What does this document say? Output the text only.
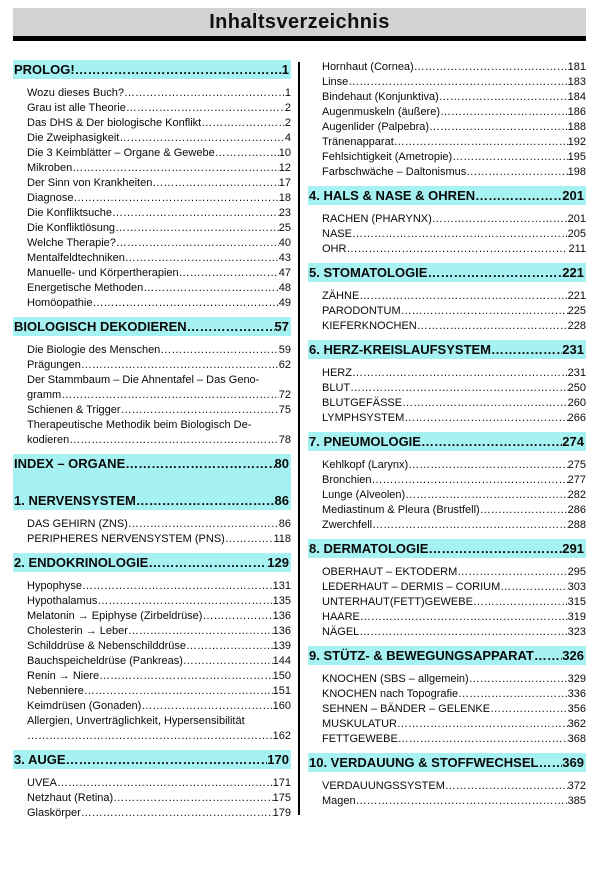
Inhaltsverzeichnis
PROLOG! ………………………………………………………………………………………………………………………………………………	1
Wozu dieses Buch? ………………………………………………………………………………………………………………………………………………	1
Grau ist alle Theorie ………………………………………………………………………………………………………………………………………………	2
Das DHS & Der biologische Konflikt ………………………………………………………………………………………………………………………………………………	2
Die Zweiphasigkeit ………………………………………………………………………………………………………………………………………………	4
Die 3 Keimblätter – Organe & Gewebe ………………………………………………………………………………………………………………………………………………	10
Mikroben ………………………………………………………………………………………………………………………………………………	12
Der Sinn von Krankheiten ………………………………………………………………………………………………………………………………………………	17
Diagnose ………………………………………………………………………………………………………………………………………………	18
Die Konfliktsuche ………………………………………………………………………………………………………………………………………………	23
Die Konfliktlösung ………………………………………………………………………………………………………………………………………………	25
Welche Therapie? ………………………………………………………………………………………………………………………………………………	40
Mentalfeldtechniken ………………………………………………………………………………………………………………………………………………	43
Manuelle- und Körpertherapien ………………………………………………………………………………………………………………………………………………	47
Energetische Methoden ………………………………………………………………………………………………………………………………………………	48
Homöopathie ………………………………………………………………………………………………………………………………………………	49
BIOLOGISCH DEKODIEREN ………………………………………………………………………………………………………………………………………………	57
Die Biologie des Menschen ………………………………………………………………………………………………………………………………………………	59
Prägungen ………………………………………………………………………………………………………………………………………………	62
Der Stammbaum – Die Ahnentafel – Das Geno-
gramm ………………………………………………………………………………………………………………………………………………	72
Schienen & Trigger ………………………………………………………………………………………………………………………………………………	75
Therapeutische Methodik beim Biologisch De-
kodieren ………………………………………………………………………………………………………………………………………………	78
INDEX – ORGANE ………………………………………………………………………………………………………………………………………………	80
1. NERVENSYSTEM ………………………………………………………………………………………………………………………………………………	86
DAS GEHIRN (ZNS) ………………………………………………………………………………………………………………………………………………	86
PERIPHERES NERVENSYSTEM (PNS) ………………………………………………………………………………………………………………………………………………	118
2. ENDOKRINOLOGIE ………………………………………………………………………………………………………………………………………………	129
Hypophyse ………………………………………………………………………………………………………………………………………………	131
Hypothalamus ………………………………………………………………………………………………………………………………………………	135
Melatonin → Epiphyse (Zirbeldrüse) ………………………………………………………………………………………………………………………………………………	136
Cholesterin → Leber ………………………………………………………………………………………………………………………………………………	136
Schilddrüse & Nebenschilddrüse ………………………………………………………………………………………………………………………………………………	139
Bauchspeicheldrüse (Pankreas) ………………………………………………………………………………………………………………………………………………	144
Renin → Niere ………………………………………………………………………………………………………………………………………………	150
Nebenniere ………………………………………………………………………………………………………………………………………………	151
Keimdrüsen (Gonaden) ………………………………………………………………………………………………………………………………………………	160
Allergien, Unverträglichkeit, Hypersensibilität
………………………………………………………………………………………………………………………………………………
162
3. AUGE ………………………………………………………………………………………………………………………………………………	170
UVEA ………………………………………………………………………………………………………………………………………………	171
Netzhaut (Retina) ………………………………………………………………………………………………………………………………………………	175
Glaskörper ………………………………………………………………………………………………………………………………………………	179
Hornhaut (Cornea) ………………………………………………………………………………………………………………………………………………	181
Linse ………………………………………………………………………………………………………………………………………………	183
Bindehaut (Konjunktiva) ………………………………………………………………………………………………………………………………………………	184
Augenmuskeln (äußere) ………………………………………………………………………………………………………………………………………………	186
Augenlider (Palpebra) ………………………………………………………………………………………………………………………………………………	188
Tränenapparat ………………………………………………………………………………………………………………………………………………	192
Fehlsichtigkeit (Ametropie) ………………………………………………………………………………………………………………………………………………	195
Farbschwäche – Daltonismus ………………………………………………………………………………………………………………………………………………	198
4. HALS & NASE & OHREN ………………………………………………………………………………………………………………………………………………	201
RACHEN (PHARYNX) ………………………………………………………………………………………………………………………………………………	201
NASE ………………………………………………………………………………………………………………………………………………	205
OHR ………………………………………………………………………………………………………………………………………………	211
5. STOMATOLOGIE ………………………………………………………………………………………………………………………………………………	221
ZÄHNE ………………………………………………………………………………………………………………………………………………	221
PARODONTUM ………………………………………………………………………………………………………………………………………………	225
KIEFERKNOCHEN ………………………………………………………………………………………………………………………………………………	228
6. HERZ-KREISLAUFSYSTEM ………………………………………………………………………………………………………………………………………………	231
HERZ ………………………………………………………………………………………………………………………………………………	231
BLUT ………………………………………………………………………………………………………………………………………………	250
BLUTGEFÄSSE ………………………………………………………………………………………………………………………………………………	260
LYMPHSYSTEM ………………………………………………………………………………………………………………………………………………	266
7. PNEUMOLOGIE ………………………………………………………………………………………………………………………………………………	274
Kehlkopf (Larynx) ………………………………………………………………………………………………………………………………………………	275
Bronchien ………………………………………………………………………………………………………………………………………………	277
Lunge (Alveolen) ………………………………………………………………………………………………………………………………………………	282
Mediastinum & Pleura (Brustfell) ………………………………………………………………………………………………………………………………………………	286
Zwerchfell ………………………………………………………………………………………………………………………………………………	288
8. DERMATOLOGIE ………………………………………………………………………………………………………………………………………………	291
OBERHAUT – EKTODERM ………………………………………………………………………………………………………………………………………………	295
LEDERHAUT – DERMIS – CORIUM ………………………………………………………………………………………………………………………………………………	303
UNTERHAUT(FETT)GEWEBE ………………………………………………………………………………………………………………………………………………	315
HAARE ………………………………………………………………………………………………………………………………………………	319
NÄGEL ………………………………………………………………………………………………………………………………………………	323
9. STÜTZ- & BEWEGUNGSAPPARAT ……………………………………………………………………………………………………………………………………………… 326
KNOCHEN (SBS – allgemein) ………………………………………………………………………………………………………………………………………………	329
KNOCHEN nach Topografie ………………………………………………………………………………………………………………………………………………	336
SEHNEN – BÄNDER – GELENKE ………………………………………………………………………………………………………………………………………………	356
MUSKULATUR ………………………………………………………………………………………………………………………………………………	362
FETTGEWEBE ………………………………………………………………………………………………………………………………………………	368
10. VERDAUUNG & STOFFWECHSEL ……………………………………………………………………………………………………………………………………………… 369
VERDAUUNGSSYSTEM ………………………………………………………………………………………………………………………………………………	372
Magen ………………………………………………………………………………………………………………………………………………	385
